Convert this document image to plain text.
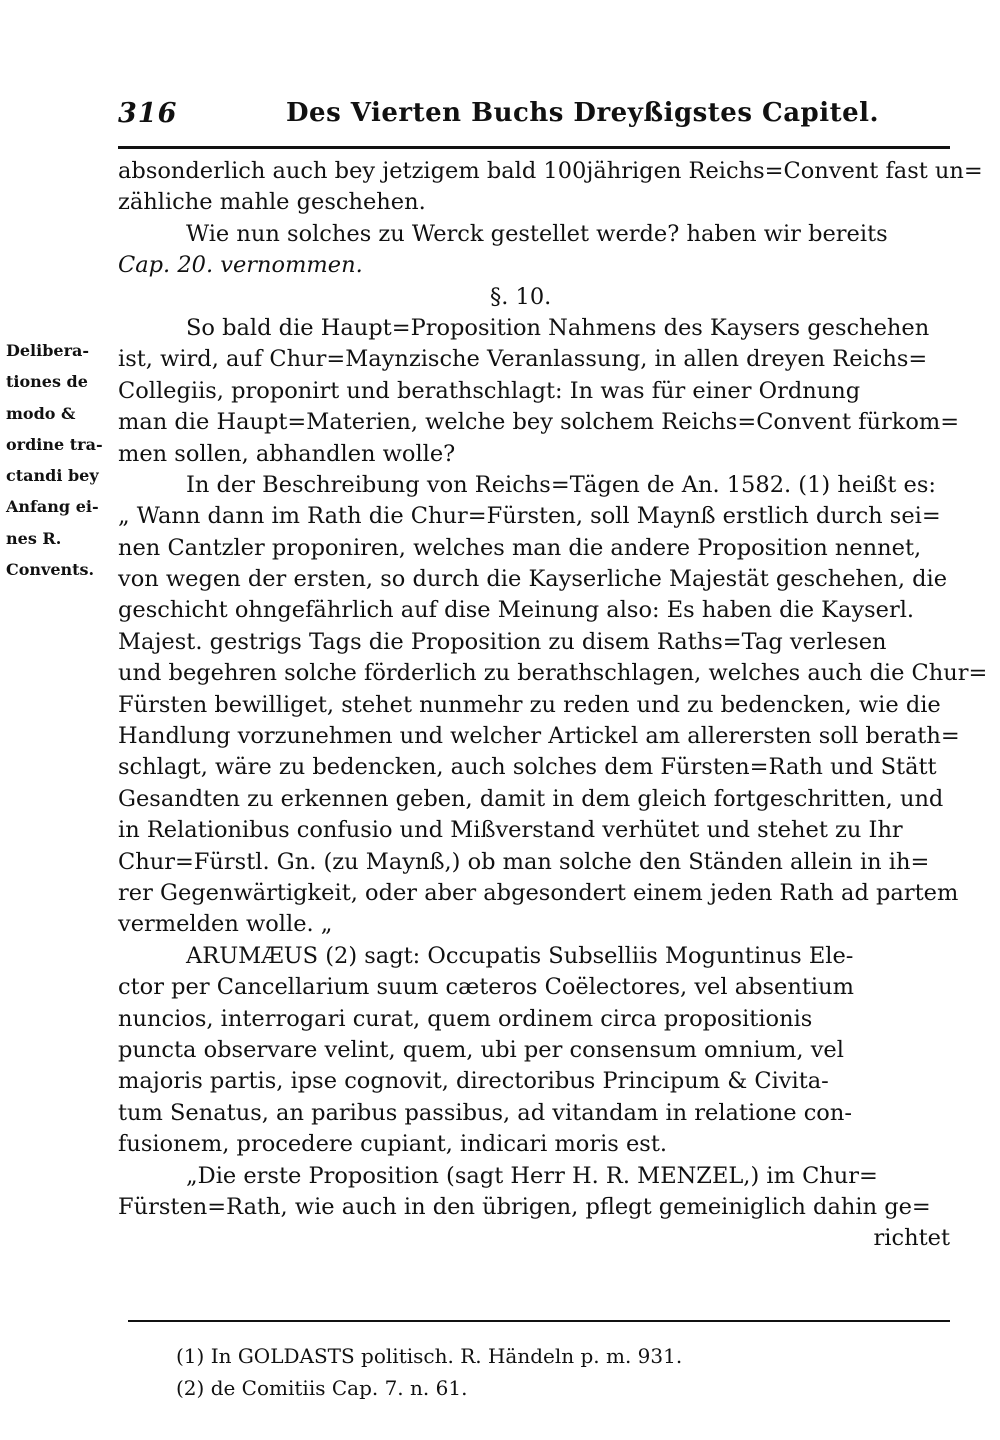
316	Des Vierten Buchs Dreyßigstes Capitel.
Delibera-
tiones de
modo &
ordine tra-
ctandi bey
Anfang ei-
nes R.
Convents.
absonderlich auch bey jetzigem bald 100jährigen Reichs=Convent fast un=
zähliche mahle geschehen.
Wie nun solches zu Werck gestellet werde? haben wir bereits
Cap. 20. vernommen.
§. 10.
So bald die Haupt=Proposition Nahmens des Kaysers geschehen
ist, wird, auf Chur=Maynzische Veranlassung, in allen dreyen Reichs=
Collegiis, proponirt und berathschlagt: In was für einer Ordnung
man die Haupt=Materien, welche bey solchem Reichs=Convent fürkom=
men sollen, abhandlen wolle?
In der Beschreibung von Reichs=Tägen de An. 1582. (1) heißt es:
„ Wann dann im Rath die Chur=Fürsten, soll Maynß erstlich durch sei=
nen Cantzler proponiren, welches man die andere Proposition nennet,
von wegen der ersten, so durch die Kayserliche Majestät geschehen, die
geschicht ohngefährlich auf dise Meinung also: Es haben die Kayserl.
Majest. gestrigs Tags die Proposition zu disem Raths=Tag verlesen
und begehren solche förderlich zu berathschlagen, welches auch die Chur=
Fürsten bewilliget, stehet nunmehr zu reden und zu bedencken, wie die
Handlung vorzunehmen und welcher Artickel am allerersten soll berath=
schlagt, wäre zu bedencken, auch solches dem Fürsten=Rath und Stätt
Gesandten zu erkennen geben, damit in dem gleich fortgeschritten, und
in Relationibus confusio und Mißverstand verhütet und stehet zu Ihr
Chur=Fürstl. Gn. (zu Maynß,) ob man solche den Ständen allein in ih=
rer Gegenwärtigkeit, oder aber abgesondert einem jeden Rath ad partem
vermelden wolle. „
ARUMÆUS (2) sagt: Occupatis Subselliis Moguntinus Ele-
ctor per Cancellarium suum cæteros Coëlectores, vel absentium
nuncios, interrogari curat, quem ordinem circa propositionis
puncta observare velint, quem, ubi per consensum omnium, vel
majoris partis, ipse cognovit, directoribus Principum & Civita-
tum Senatus, an paribus passibus, ad vitandam in relatione con-
fusionem, procedere cupiant, indicari moris est.
„Die erste Proposition (sagt Herr H. R. MENZEL,) im Chur=
Fürsten=Rath, wie auch in den übrigen, pflegt gemeiniglich dahin ge=
richtet
(1) In GOLDASTS politisch. R. Händeln p. m. 931.
(2) de Comitiis Cap. 7. n. 61.
